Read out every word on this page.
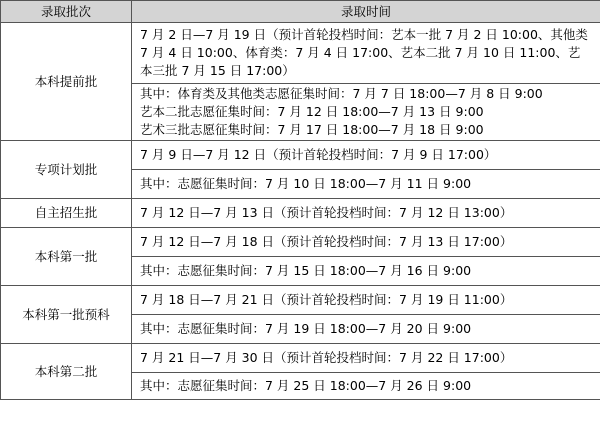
录取批次	录取时间
本科提前批	7 月 2 日—7 月 19 日（预计首轮投档时间：艺本一批 7 月 2 日 10:00、其他类 7 月 4 日 10:00、体育类：7 月 4 日 17:00、艺本二批 7 月 10 日 11:00、艺本三批 7 月 15 日 17:00）

	其中：体育类及其他类志愿征集时间：7 月 7 日 18:00—7 月 8 日 9:00
艺本二批志愿征集时间：7 月 12 日 18:00—7 月 13 日 9:00
艺术三批志愿征集时间：7 月 17 日 18:00—7 月 18 日 9:00

专项计划批	7 月 9 日—7 月 12 日（预计首轮投档时间：7 月 9 日 17:00）

	其中：志愿征集时间：7 月 10 日 18:00—7 月 11 日 9:00

自主招生批	7 月 12 日—7 月 13 日（预计首轮投档时间：7 月 12 日 13:00）

本科第一批	7 月 12 日—7 月 18 日（预计首轮投档时间：7 月 13 日 17:00）

	其中：志愿征集时间：7 月 15 日 18:00—7 月 16 日 9:00

本科第一批预科	7 月 18 日—7 月 21 日（预计首轮投档时间：7 月 19 日 11:00）

	其中：志愿征集时间：7 月 19 日 18:00—7 月 20 日 9:00

本科第二批	7 月 21 日—7 月 30 日（预计首轮投档时间：7 月 22 日 17:00）

	其中：志愿征集时间：7 月 25 日 18:00—7 月 26 日 9:00
